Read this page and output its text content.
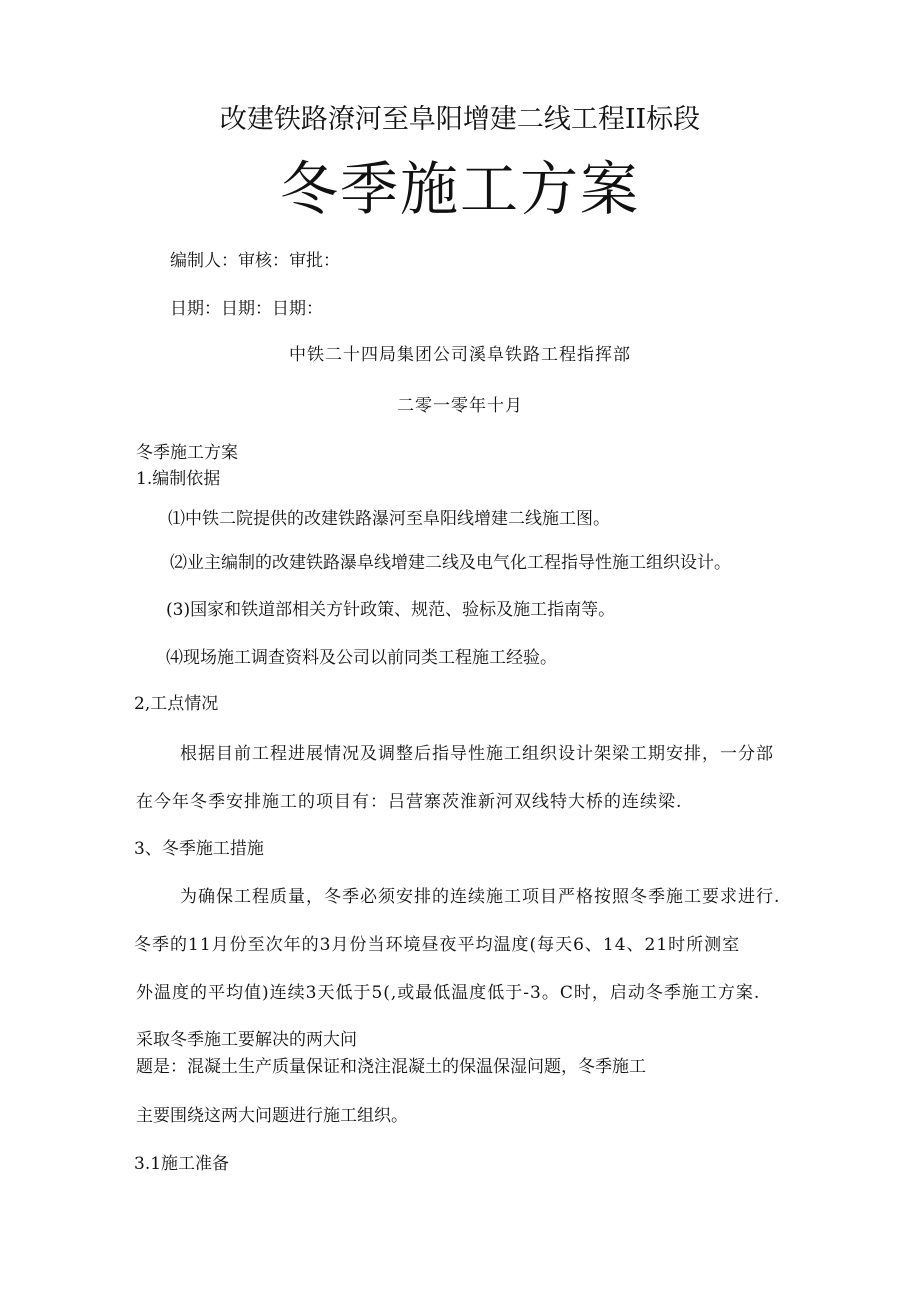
改建铁路潦河至阜阳增建二线工程II标段
冬季施工方案
编制人：审核：审批：
日期：日期：日期：
中铁二十四局集团公司溪阜铁路工程指挥部
二零一零年十月
冬季施工方案
1.编制依据
⑴中铁二院提供的改建铁路瀑河至阜阳线增建二线施工图。
⑵业主编制的改建铁路瀑阜线增建二线及电气化工程指导性施工组织设计。
(3)国家和铁道部相关方针政策、规范、验标及施工指南等。
⑷现场施工调查资料及公司以前同类工程施工经验。
2,工点情况
根据目前工程进展情况及调整后指导性施工组织设计架梁工期安排，一分部
在今年冬季安排施工的项目有：吕营寨茨淮新河双线特大桥的连续梁.
3、冬季施工措施
为确保工程质量，冬季必须安排的连续施工项目严格按照冬季施工要求进行.
冬季的11月份至次年的3月份当环境昼夜平均温度(每天6、14、21时所测室
外温度的平均值)连续3天低于5(,或最低温度低于-3。C时，启动冬季施工方案.
采取冬季施工要解决的两大问
题是：混凝土生产质量保证和浇注混凝土的保温保湿问题，冬季施工
主要围绕这两大问题进行施工组织。
3.1施工准备
